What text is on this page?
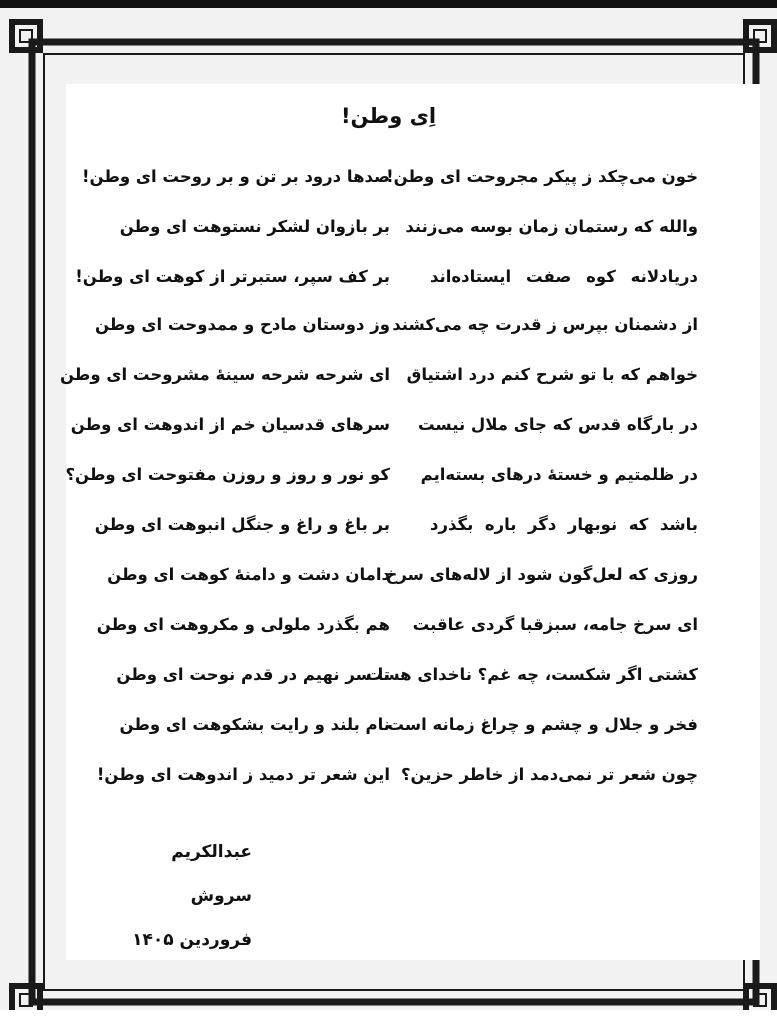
اِی وطن!
خون می‌چکد ز پیکر مجروحت ای وطن!
والله که رستمان زمان بوسه می‌زنند
دریادلانه کوه صفت ایستاده‌اند
از دشمنان بپرس ز قدرت چه می‌کشند
خواهم که با تو شرح کنم درد اشتیاق
در بارگاه قدس که جای ملال نیست
در ظلمتیم و خستهٔ درهای بسته‌ایم
باشد که نوبهار دگر باره بگذرد
روزی که لعل‌گون شود از لاله‌های سرخ
ای سرخ جامه، سبزقبا گردی عاقبت
کشتی اگر شکست، چه غم؟ ناخدای هست
فخر و جلال و چشم و چراغ زمانه است
چون شعر تر نمی‌دمد از خاطر حزین؟
صدها درود بر تن و بر روحت ای وطن!
بر بازوان لشکر نستوهت ای وطن
بر کف سپر، ستبرتر از کوهت ای وطن!
وز دوستان مادح و ممدوحت ای وطن
ای شرحه شرحه سینهٔ مشروحت ای وطن
سرهای قدسیان خم از اندوهت ای وطن
کو نور و روز و روزن مفتوحت ای وطن؟
بر باغ و راغ و جنگل انبوهت ای وطن
دامان دشت و دامنهٔ کوهت ای وطن
هم بگذرد ملولی و مکروهت ای وطن
تا سر نهیم در قدم نوحت ای وطن
نام بلند و رایت بشکوهت ای وطن
این شعر تر دمید ز اندوهت ای وطن!
عبدالکریم سروش
فروردین ۱۴۰۵
